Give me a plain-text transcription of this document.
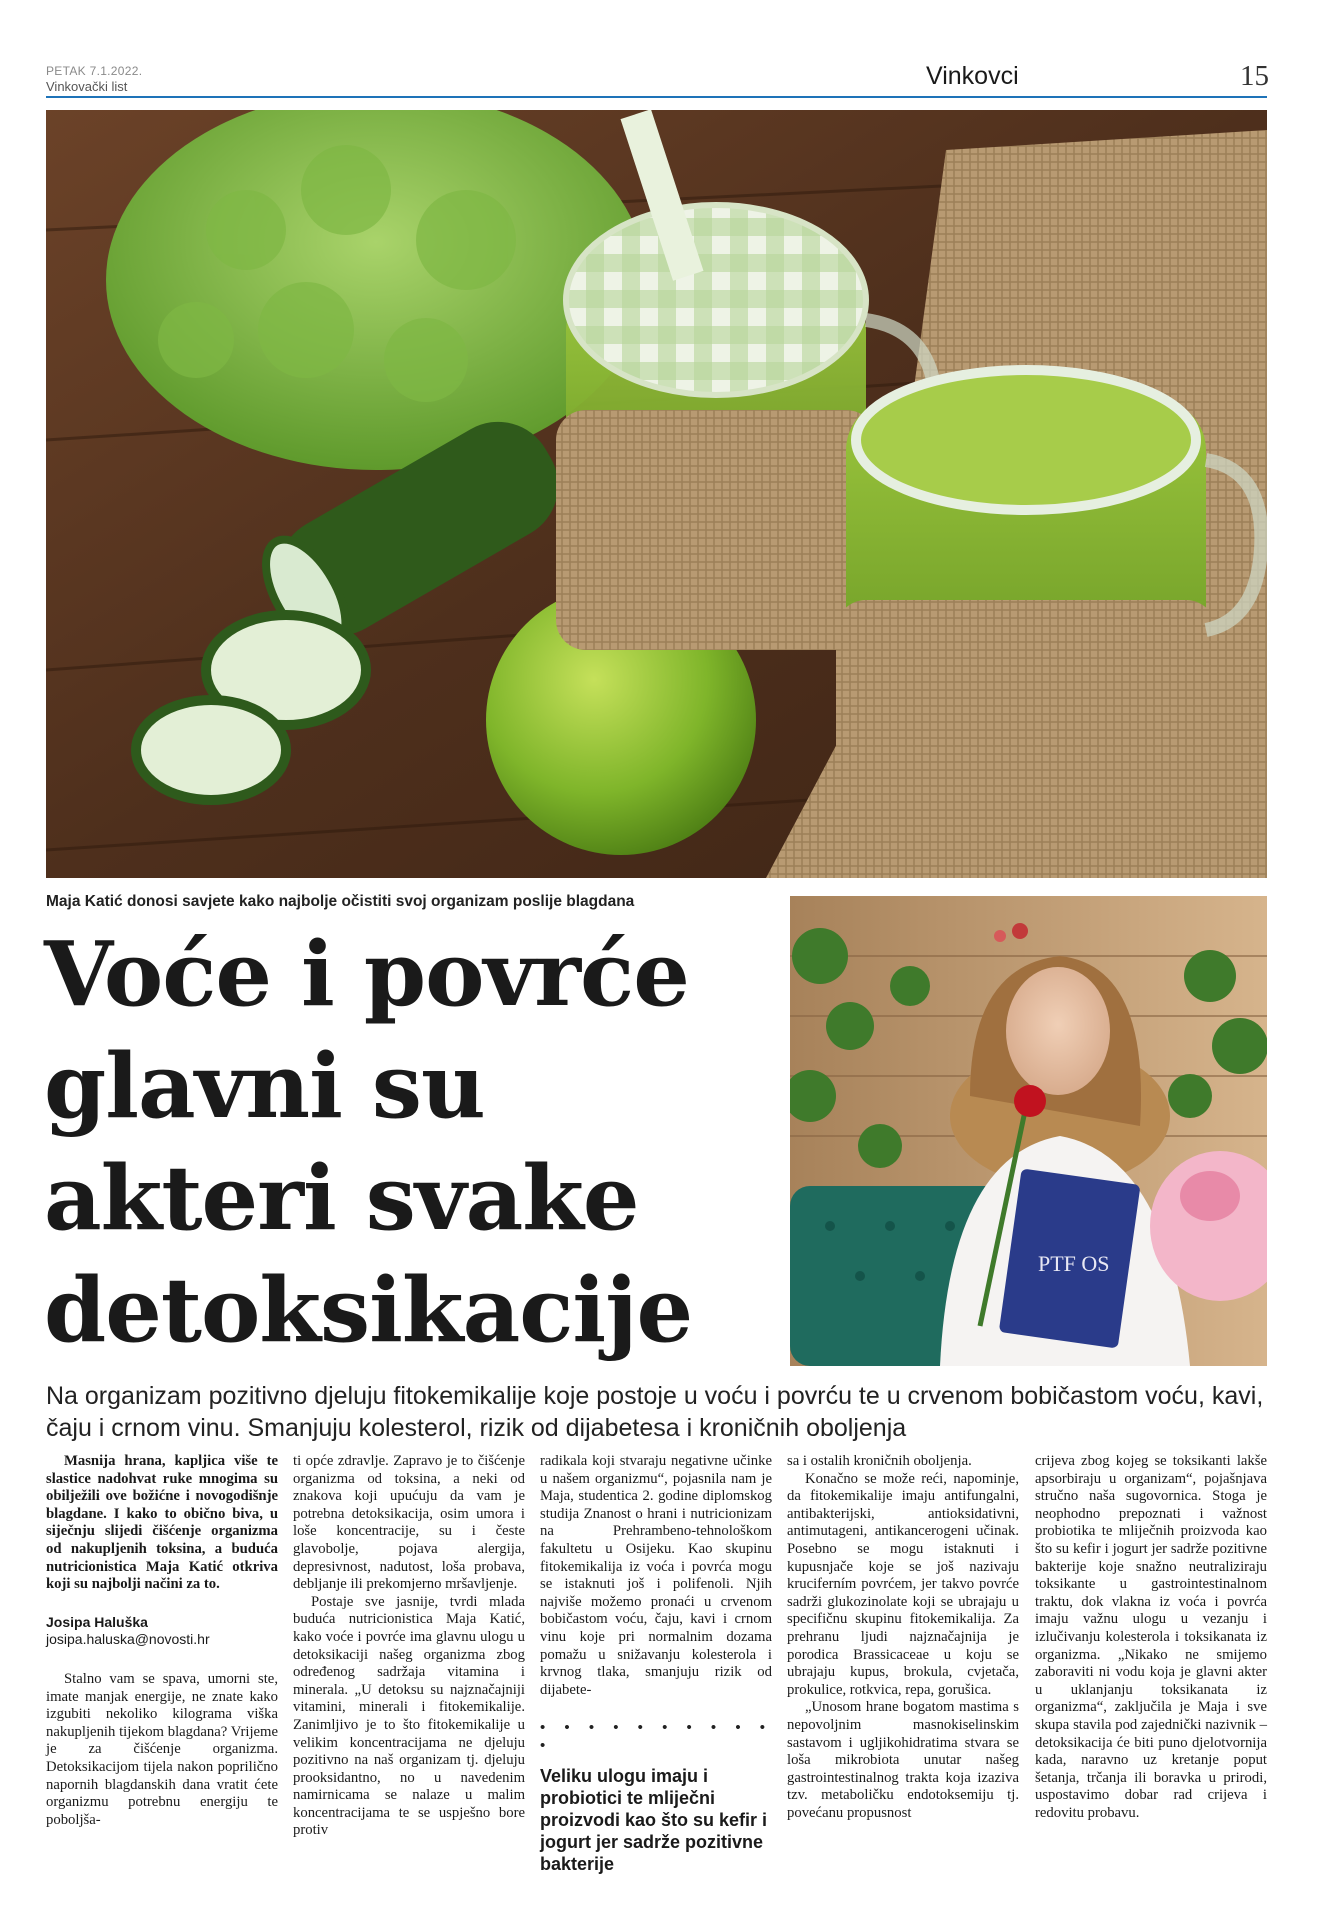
PETAK 7.1.2022.
Vinkovački list	Vinkovci	15
Maja Katić donosi savjete kako najbolje očistiti svoj organizam poslije blagdana
Voće i povrće
glavni su
akteri svake
detoksikacije	PTF OS

Na organizam pozitivno djeluju fitokemikalije koje postoje u voću i povrću te u crvenom bobičastom voću, kavi, čaju i crnom vinu. Smanjuju kolesterol, rizik od dijabetesa i kroničnih oboljenja

Masnija hrana, kapljica više te slastice nadohvat ruke mnogima su obilježili ove božićne i novogodišnje blagdane. I kako to obično biva, u siječnju slijedi čišćenje organizma od nakupljenih toksina, a buduća nutricionistica Maja Katić otkriva koji su najbolji načini za to.

Josipa Haluška
josipa.haluska@novosti.hr

Stalno vam se spava, umorni ste, imate manjak energije, ne znate kako izgubiti nekoliko kilograma viška nakupljenih tijekom blagdana? Vrijeme je za čišćenje organizma. Detoksikacijom tijela nakon poprilično napornih blagdanskih dana vratit ćete organizmu potrebnu energiju te poboljša-

ti opće zdravlje. Zapravo je to čišćenje organizma od toksina, a neki od znakova koji upućuju da vam je potrebna detoksikacija, osim umora i loše koncentracije, su i česte glavobolje, pojava alergija, depresivnost, nadutost, loša probava, debljanje ili prekomjerno mršavljenje.

Postaje sve jasnije, tvrdi mlada buduća nutricionistica Maja Katić, kako voće i povrće ima glavnu ulogu u detoksikaciji našeg organizma zbog određenog sadržaja vitamina i minerala. „U detoksu su najznačajniji vitamini, minerali i fitokemikalije. Zanimljivo je to što fitokemikalije u velikim koncentracijama ne djeluju pozitivno na naš organizam tj. djeluju prooksidantno, no u navedenim namirnicama se nalaze u malim koncentracijama te se uspješno bore protiv

radikala koji stvaraju negativne učinke u našem organizmu“, pojasnila nam je Maja, studentica 2. godine diplomskog studija Znanost o hrani i nutricionizam na Prehrambeno-tehnološkom fakultetu u Osijeku. Kao skupinu fitokemikalija iz voća i povrća mogu se istaknuti još i polifenoli. Njih najviše možemo pronaći u crvenom bobičastom voću, čaju, kavi i crnom vinu koje pri normalnim dozama pomažu u snižavanju kolesterola i krvnog tlaka, smanjuju rizik od dijabete-

• • • • • • • • • • •
Veliku ulogu imaju i probiotici te mliječni proizvodi kao što su kefir i jogurt jer sadrže pozitivne bakterije

sa i ostalih kroničnih oboljenja.

Konačno se može reći, napominje, da fitokemikalije imaju antifungalni, antibakterijski, antioksidativni, antimutageni, antikancerogeni učinak. Posebno se mogu istaknuti i kupusnjače koje se još nazivaju kruciferním povrćem, jer takvo povrće sadrži glukozinolate koji se ubrajaju u specifičnu skupinu fitokemikalija. Za prehranu ljudi najznačajnija je porodica Brassicaceae u koju se ubrajaju kupus, brokula, cvjetača, prokulice, rotkvica, repa, gorušica.

„Unosom hrane bogatom mastima s nepovoljnim masnokiselinskim sastavom i ugljikohidratima stvara se loša mikrobiota unutar našeg gastrointestinalnog trakta koja izaziva tzv. metaboličku endotoksemiju tj. povećanu propusnost

crijeva zbog kojeg se toksikanti lakše apsorbiraju u organizam“, pojašnjava stručno naša sugovornica. Stoga je neophodno prepoznati i važnost probiotika te mliječnih proizvoda kao što su kefir i jogurt jer sadrže pozitivne bakterije koje snažno neutraliziraju toksikante u gastrointestinalnom traktu, dok vlakna iz voća i povrća imaju važnu ulogu u vezanju i izlučivanju kolesterola i toksikanata iz organizma. „Nikako ne smijemo zaboraviti ni vodu koja je glavni akter u uklanjanju toksikanata iz organizma“, zaključila je Maja i sve skupa stavila pod zajednički nazivnik – detoksikacija će biti puno djelotvornija kada, naravno uz kretanje poput šetanja, trčanja ili boravka u prirodi, uspostavimo dobar rad crijeva i redovitu probavu.
